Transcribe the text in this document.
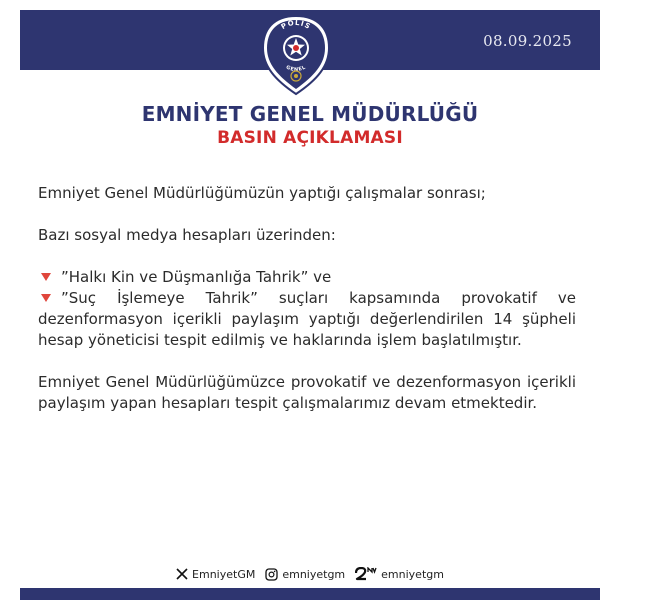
08.09.2025
POLİS
GENEL
EMNİYET GENEL MÜDÜRLÜĞÜ
BASIN AÇIKLAMASI

Emniyet Genel Müdürlüğümüzün yaptığı çalışmalar sonrası;

Bazı sosyal medya hesapları üzerinden:

”Halkı Kin ve Düşmanlığa Tahrik” ve
”Suç İşlemeye Tahrik” suçları kapsamında provokatif ve dezenformasyon içerikli paylaşım yaptığı değerlendirilen 14 şüpheli hesap yöneticisi tespit edilmiş ve haklarında işlem başlatılmıştır.

Emniyet Genel Müdürlüğümüzce provokatif ve dezenformasyon içerikli paylaşım yapan hesapları tespit çalışmalarımız devam etmektedir.

EmniyetGM emniyetgm	emniyetgm
